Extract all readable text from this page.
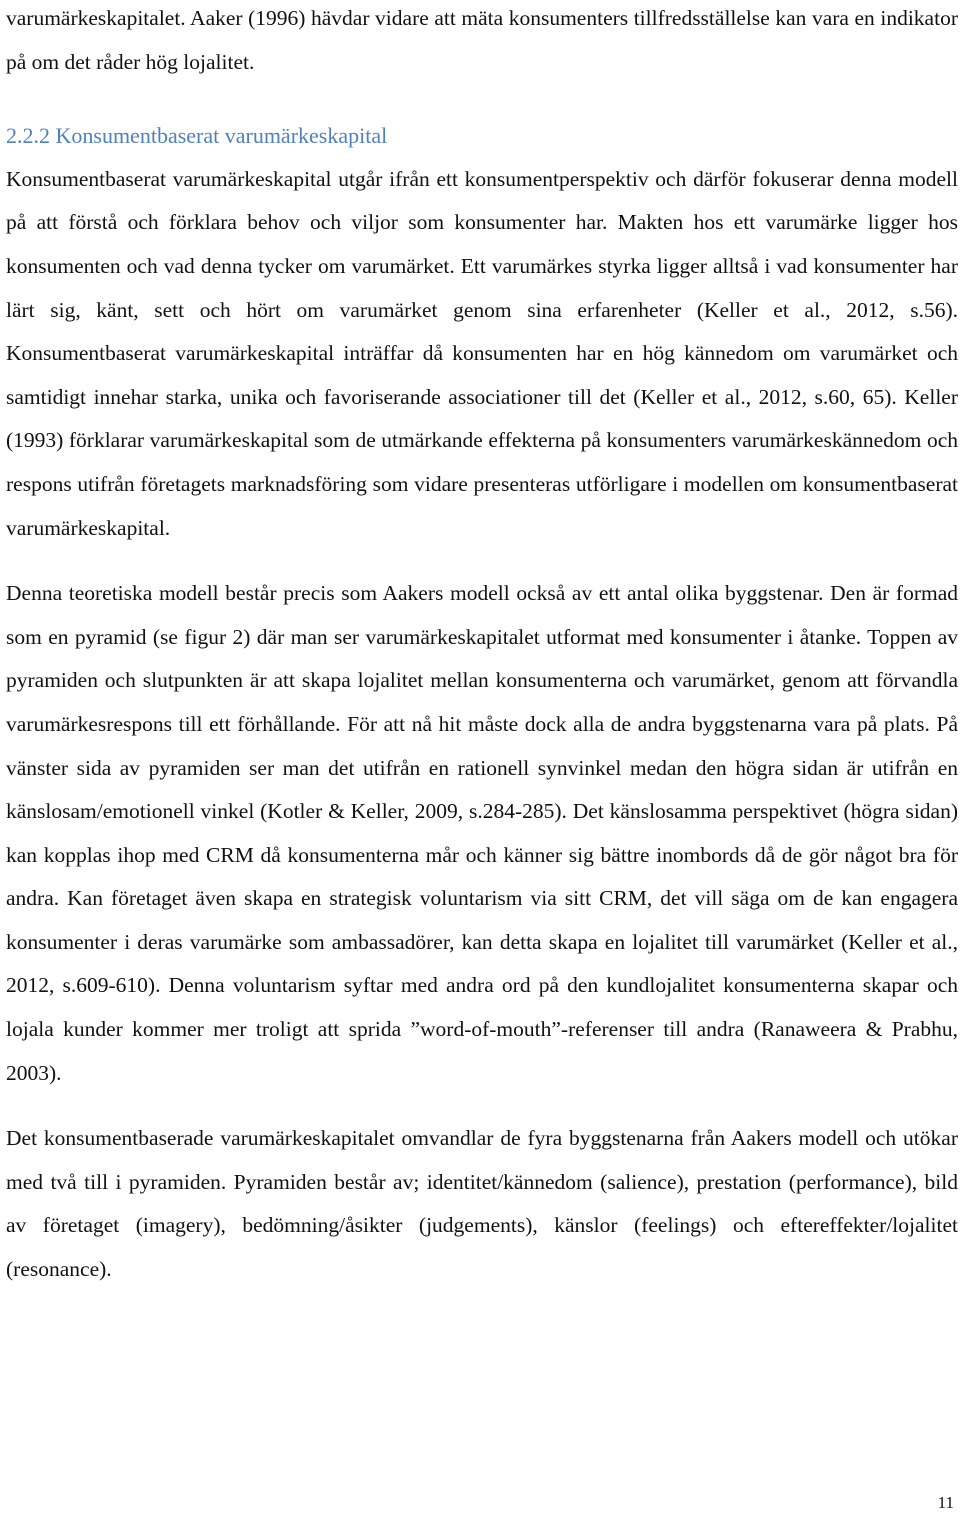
varumärkeskapitalet. Aaker (1996) hävdar vidare att mäta konsumenters tillfredsställelse kan vara en indikator på om det råder hög lojalitet.

2.2.2 Konsumentbaserat varumärkeskapital

Konsumentbaserat varumärkeskapital utgår ifrån ett konsumentperspektiv och därför fokuserar denna modell på att förstå och förklara behov och viljor som konsumenter har. Makten hos ett varumärke ligger hos konsumenten och vad denna tycker om varumärket. Ett varumärkes styrka ligger alltså i vad konsumenter har lärt sig, känt, sett och hört om varumärket genom sina erfarenheter (Keller et al., 2012, s.56). Konsumentbaserat varumärkeskapital inträffar då konsumenten har en hög kännedom om varumärket och samtidigt innehar starka, unika och favoriserande associationer till det (Keller et al., 2012, s.60, 65). Keller (1993) förklarar varumärkeskapital som de utmärkande effekterna på konsumenters varumärkeskännedom och respons utifrån företagets marknadsföring som vidare presenteras utförligare i modellen om konsumentbaserat varumärkeskapital.

Denna teoretiska modell består precis som Aakers modell också av ett antal olika byggstenar. Den är formad som en pyramid (se figur 2) där man ser varumärkeskapitalet utformat med konsumenter i åtanke. Toppen av pyramiden och slutpunkten är att skapa lojalitet mellan konsumenterna och varumärket, genom att förvandla varumärkesrespons till ett förhållande. För att nå hit måste dock alla de andra byggstenarna vara på plats. På vänster sida av pyramiden ser man det utifrån en rationell synvinkel medan den högra sidan är utifrån en känslosam/emotionell vinkel (Kotler & Keller, 2009, s.284-285). Det känslosamma perspektivet (högra sidan) kan kopplas ihop med CRM då konsumenterna mår och känner sig bättre inombords då de gör något bra för andra. Kan företaget även skapa en strategisk voluntarism via sitt CRM, det vill säga om de kan engagera konsumenter i deras varumärke som ambassadörer, kan detta skapa en lojalitet till varumärket (Keller et al., 2012, s.609-610). Denna voluntarism syftar med andra ord på den kundlojalitet konsumenterna skapar och lojala kunder kommer mer troligt att sprida ”word-of-mouth”-referenser till andra (Ranaweera & Prabhu, 2003).

Det konsumentbaserade varumärkeskapitalet omvandlar de fyra byggstenarna från Aakers modell och utökar med två till i pyramiden. Pyramiden består av; identitet/kännedom (salience), prestation (performance), bild av företaget (imagery), bedömning/åsikter (judgements), känslor (feelings) och eftereffekter/lojalitet (resonance).

11
